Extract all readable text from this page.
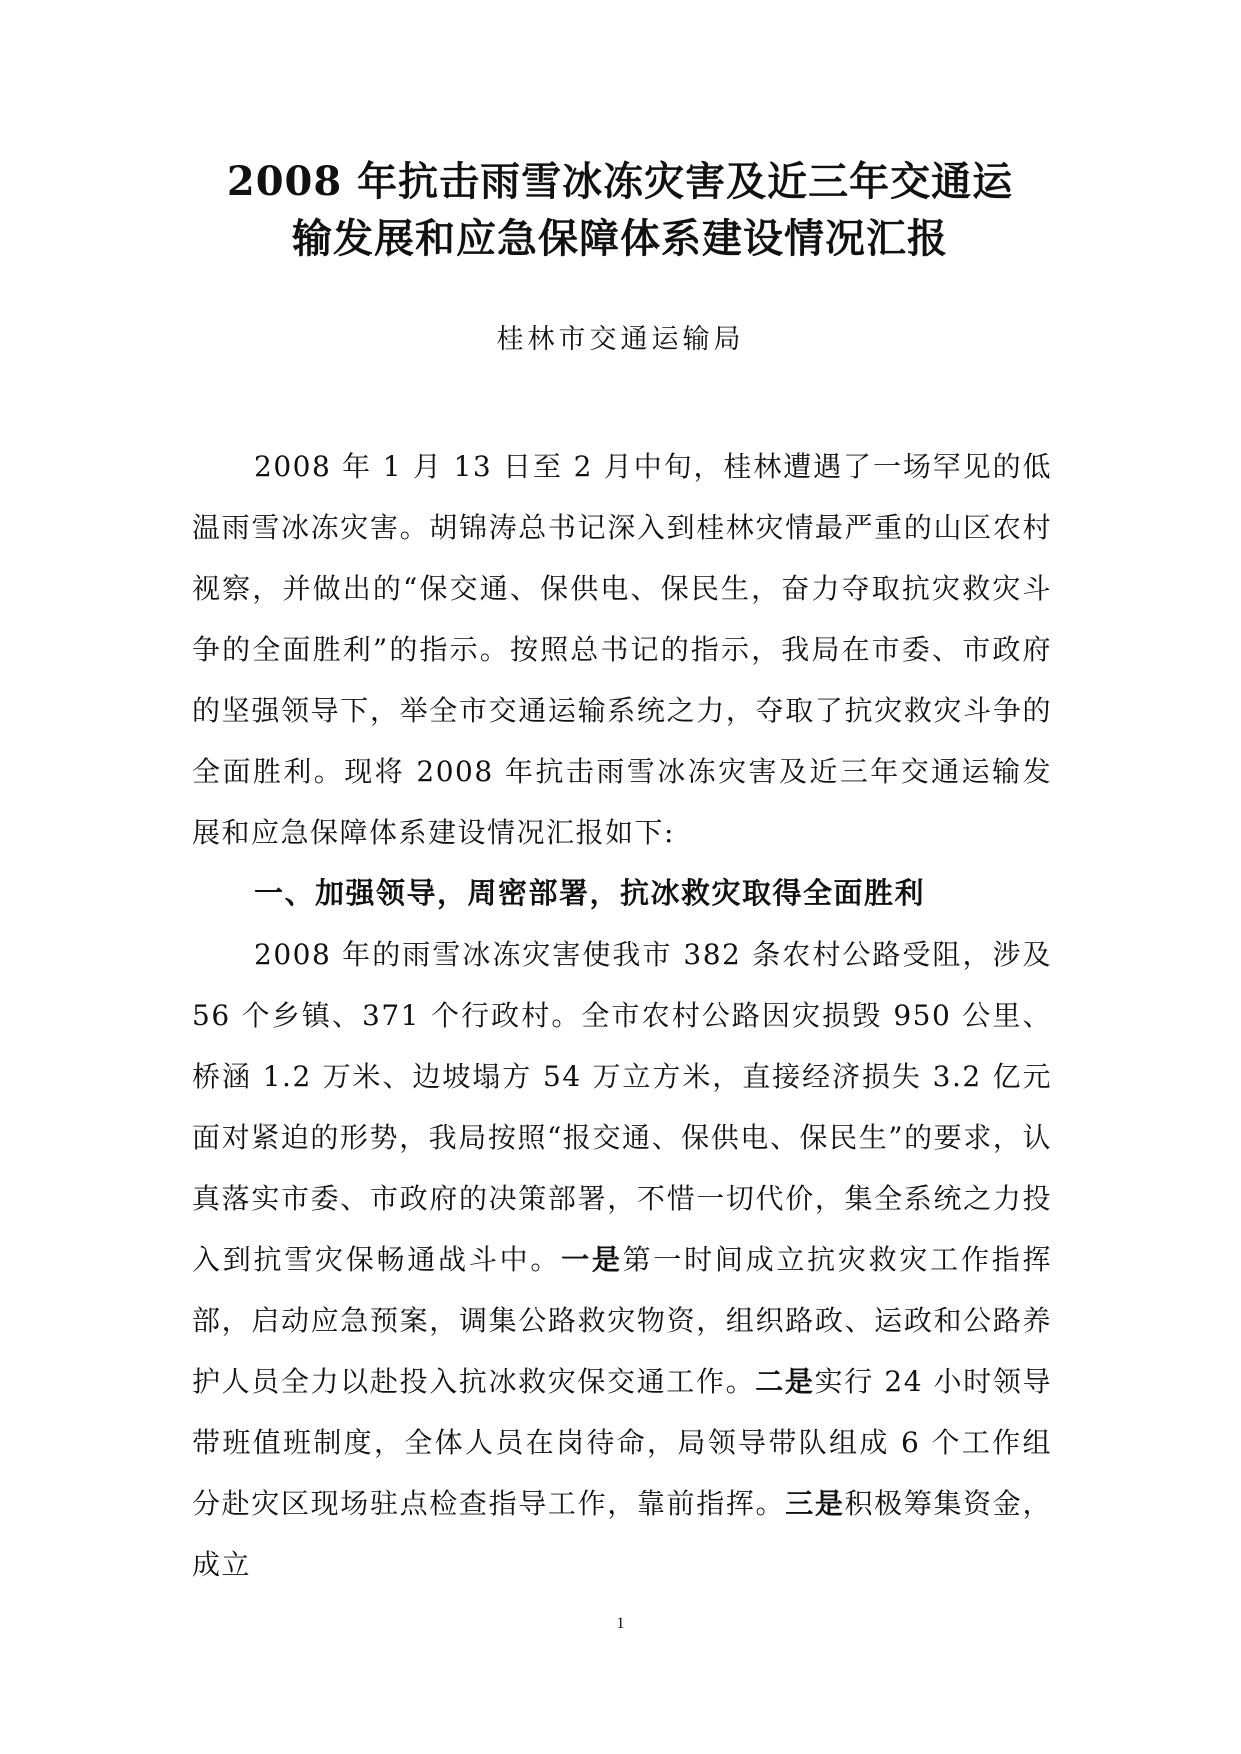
2008 年抗击雨雪冰冻灾害及近三年交通运
输发展和应急保障体系建设情况汇报
桂林市交通运输局

2008 年 1 月 13 日至 2 月中旬，桂林遭遇了一场罕见的低温雨雪冰冻灾害。胡锦涛总书记深入到桂林灾情最严重的山区农村视察，并做出的“保交通、保供电、保民生，奋力夺取抗灾救灾斗争的全面胜利”的指示。按照总书记的指示，我局在市委、市政府的坚强领导下，举全市交通运输系统之力，夺取了抗灾救灾斗争的全面胜利。现将 2008 年抗击雨雪冰冻灾害及近三年交通运输发展和应急保障体系建设情况汇报如下:

一、加强领导，周密部署，抗冰救灾取得全面胜利

2008 年的雨雪冰冻灾害使我市 382 条农村公路受阻，涉及 56 个乡镇、371 个行政村。全市农村公路因灾损毁 950 公里、桥涵 1.2 万米、边坡塌方 54 万立方米，直接经济损失 3.2 亿元面对紧迫的形势，我局按照“报交通、保供电、保民生”的要求，认真落实市委、市政府的决策部署，不惜一切代价，集全系统之力投入到抗雪灾保畅通战斗中。一是第一时间成立抗灾救灾工作指挥部，启动应急预案，调集公路救灾物资，组织路政、运政和公路养护人员全力以赴投入抗冰救灾保交通工作。二是实行 24 小时领导带班值班制度，全体人员在岗待命，局领导带队组成 6 个工作组分赴灾区现场驻点检查指导工作，靠前指挥。三是积极筹集资金，成立

1
